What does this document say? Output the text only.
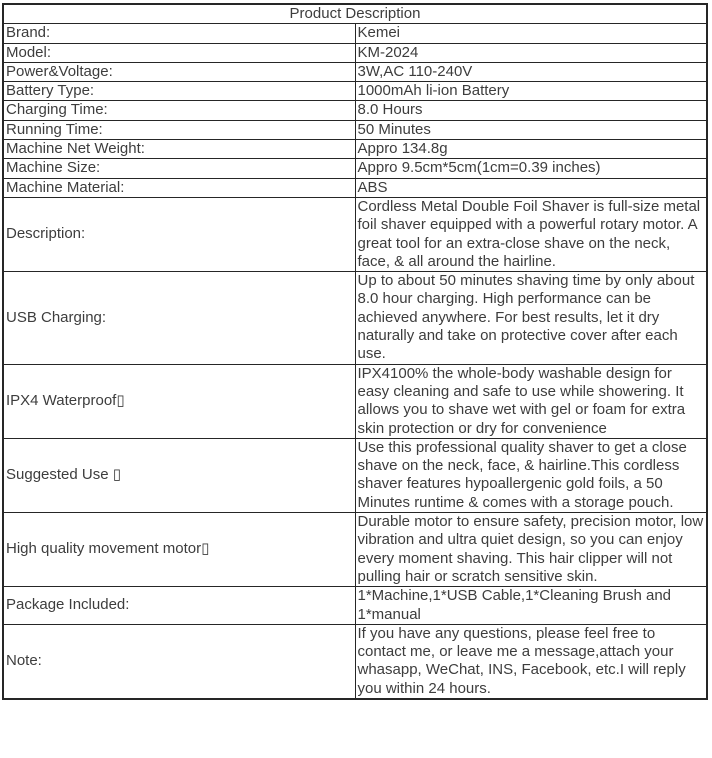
Product Description	
Brand:	Kemei
Model:	KM-2024
Power&Voltage:	3W,AC 110-240V
Battery Type:	1000mAh li-ion Battery
Charging Time:	8.0 Hours
Running Time:	50 Minutes
Machine Net Weight:	Appro 134.8g
Machine Size:	Appro 9.5cm*5cm(1cm=0.39 inches)
Machine Material:	ABS
Description:	Cordless Metal Double Foil Shaver is full-size metal foil shaver equipped with a powerful rotary motor. A great tool for an extra-close shave on the neck, face, & all around the hairline.
USB Charging:	Up to about 50 minutes shaving time by only about 8.0 hour charging. High performance can be achieved anywhere. For best results, let it dry naturally and take on protective cover after each use.
IPX4 Waterproof▯	IPX4100% the whole-body washable design for easy cleaning and safe to use while showering. It allows you to shave wet with gel or foam for extra skin protection or dry for convenience
Suggested Use ▯	Use this professional quality shaver to get a close shave on the neck, face, & hairline.This cordless shaver features hypoallergenic gold foils, a 50 Minutes runtime & comes with a storage pouch.
High quality movement motor▯	Durable motor to ensure safety, precision motor, low vibration and ultra quiet design, so you can enjoy every moment shaving. This hair clipper will not pulling hair or scratch sensitive skin.
Package Included:	1*Machine,1*USB Cable,1*Cleaning Brush and 1*manual
Note:	If you have any questions, please feel free to contact me, or leave me a message,attach your whasapp, WeChat, INS, Facebook, etc.I will reply you within 24 hours.
